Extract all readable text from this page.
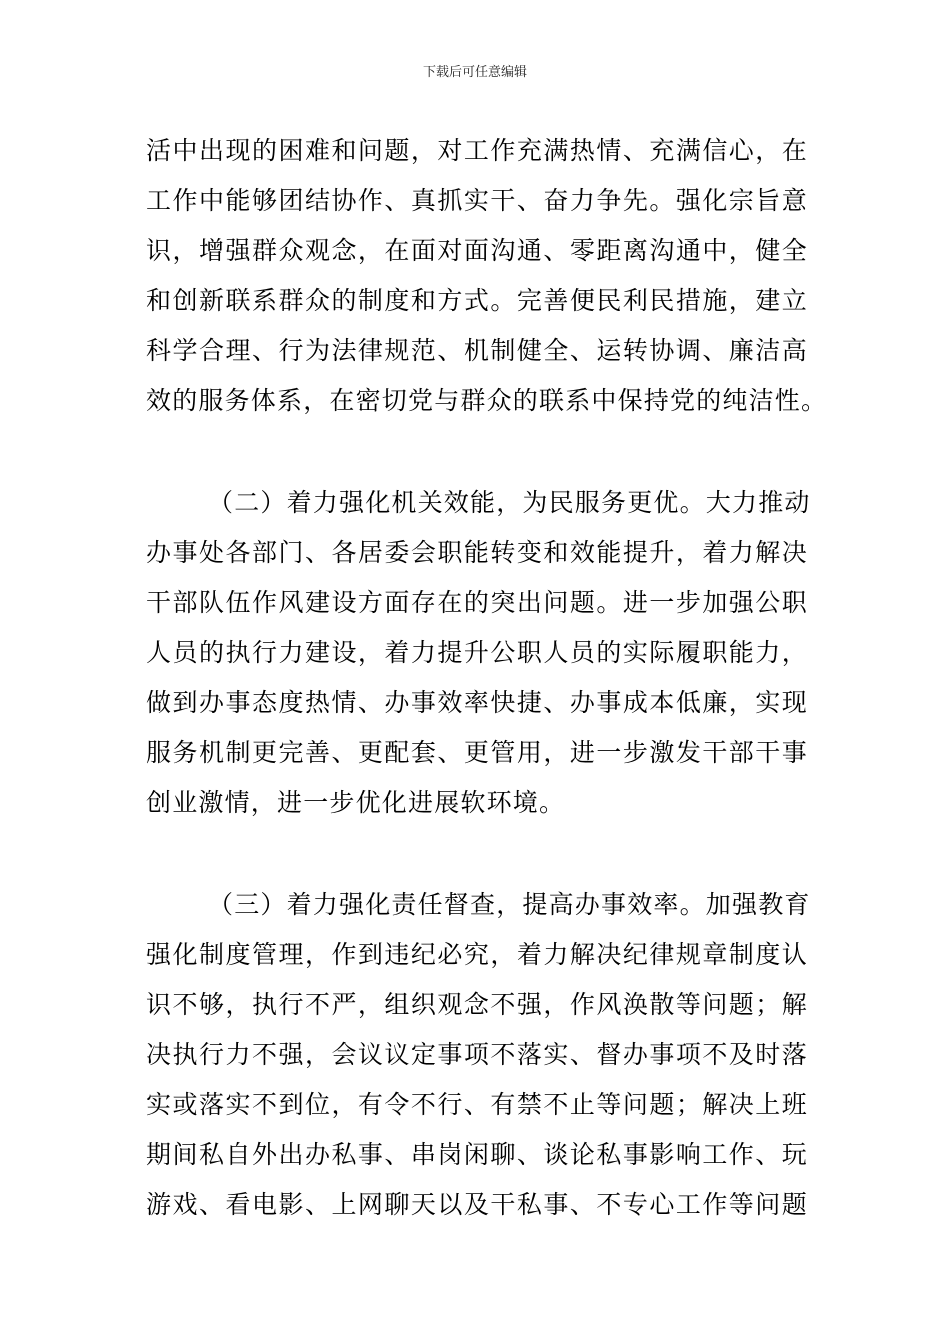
下载后可任意编辑
活中出现的困难和问题，对工作充满热情、充满信心，在
工作中能够团结协作、真抓实干、奋力争先。强化宗旨意
识，增强群众观念，在面对面沟通、零距离沟通中，健全
和创新联系群众的制度和方式。完善便民利民措施，建立
科学合理、行为法律规范、机制健全、运转协调、廉洁高
效的服务体系，在密切党与群众的联系中保持党的纯洁性。
（二）着力强化机关效能，为民服务更优。大力推动
办事处各部门、各居委会职能转变和效能提升，着力解决
干部队伍作风建设方面存在的突出问题。进一步加强公职
人员的执行力建设，着力提升公职人员的实际履职能力，
做到办事态度热情、办事效率快捷、办事成本低廉，实现
服务机制更完善、更配套、更管用，进一步激发干部干事
创业激情，进一步优化进展软环境。
（三）着力强化责任督查，提高办事效率。加强教育
强化制度管理，作到违纪必究，着力解决纪律规章制度认
识不够，执行不严，组织观念不强，作风涣散等问题；解
决执行力不强，会议议定事项不落实、督办事项不及时落
实或落实不到位，有令不行、有禁不止等问题；解决上班
期间私自外出办私事、串岗闲聊、谈论私事影响工作、玩
游戏、看电影、上网聊天以及干私事、不专心工作等问题
